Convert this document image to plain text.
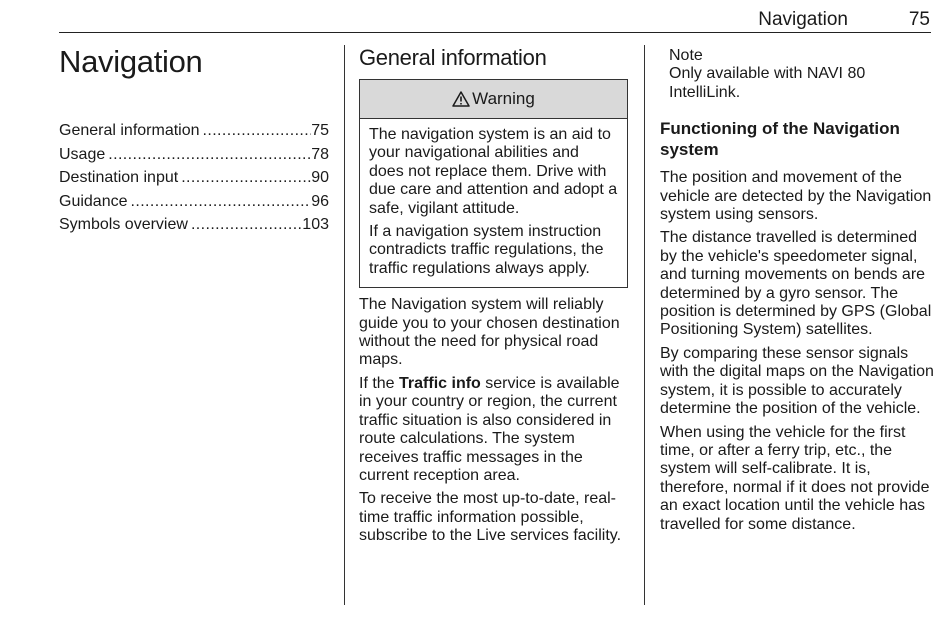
Navigation	75
Navigation
General information .....	75
Usage .....	78
Destination input .....	90
Guidance .....	96
Symbols overview .....	103
General information
Warning

The navigation system is an aid to your navigational abilities and does not replace them. Drive with due care and attention and adopt a safe, vigilant attitude.

If a navigation system instruction contradicts traffic regulations, the traffic regulations always apply.

The Navigation system will reliably guide you to your chosen destination without the need for physical road maps.

If the Traffic info service is available in your country or region, the current traffic situation is also considered in route calculations. The system receives traffic messages in the current reception area.

To receive the most up-to-date, real-time traffic information possible, subscribe to the Live services facility.

Note

Only available with NAVI 80 IntelliLink.

Functioning of the Navigation system

The position and movement of the vehicle are detected by the Navigation system using sensors.

The distance travelled is determined by the vehicle's speedometer signal, and turning movements on bends are determined by a gyro sensor. The position is determined by GPS (Global Positioning System) satellites.

By comparing these sensor signals with the digital maps on the Navigation system, it is possible to accurately determine the position of the vehicle.

When using the vehicle for the first time, or after a ferry trip, etc., the system will self-calibrate. It is, therefore, normal if it does not provide an exact location until the vehicle has travelled for some distance.
